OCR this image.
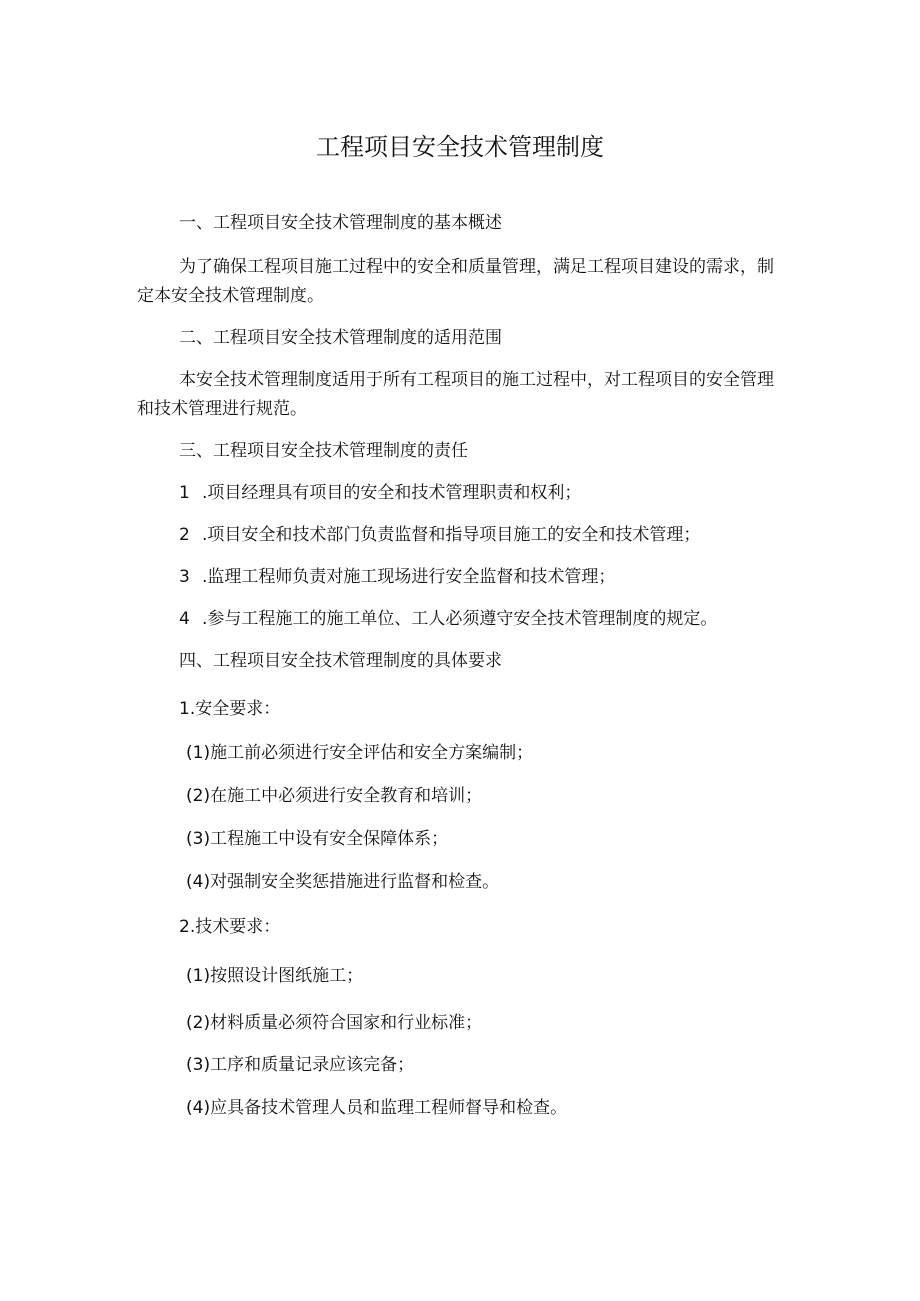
工程项目安全技术管理制度
一、工程项目安全技术管理制度的基本概述
为了确保工程项目施工过程中的安全和质量管理，满足工程项目建设的需求，制
定本安全技术管理制度。
二、工程项目安全技术管理制度的适用范围
本安全技术管理制度适用于所有工程项目的施工过程中，对工程项目的安全管理
和技术管理进行规范。
三、工程项目安全技术管理制度的责任
1 .项目经理具有项目的安全和技术管理职责和权利；
2 .项目安全和技术部门负责监督和指导项目施工的安全和技术管理；
3 .监理工程师负责对施工现场进行安全监督和技术管理；
4 .参与工程施工的施工单位、工人必须遵守安全技术管理制度的规定。
四、工程项目安全技术管理制度的具体要求
1.安全要求：
(1)施工前必须进行安全评估和安全方案编制；
(2)在施工中必须进行安全教育和培训；
(3)工程施工中设有安全保障体系；
(4)对强制安全奖惩措施进行监督和检查。
2.技术要求：
(1)按照设计图纸施工；
(2)材料质量必须符合国家和行业标准；
(3)工序和质量记录应该完备；
(4)应具备技术管理人员和监理工程师督导和检查。
